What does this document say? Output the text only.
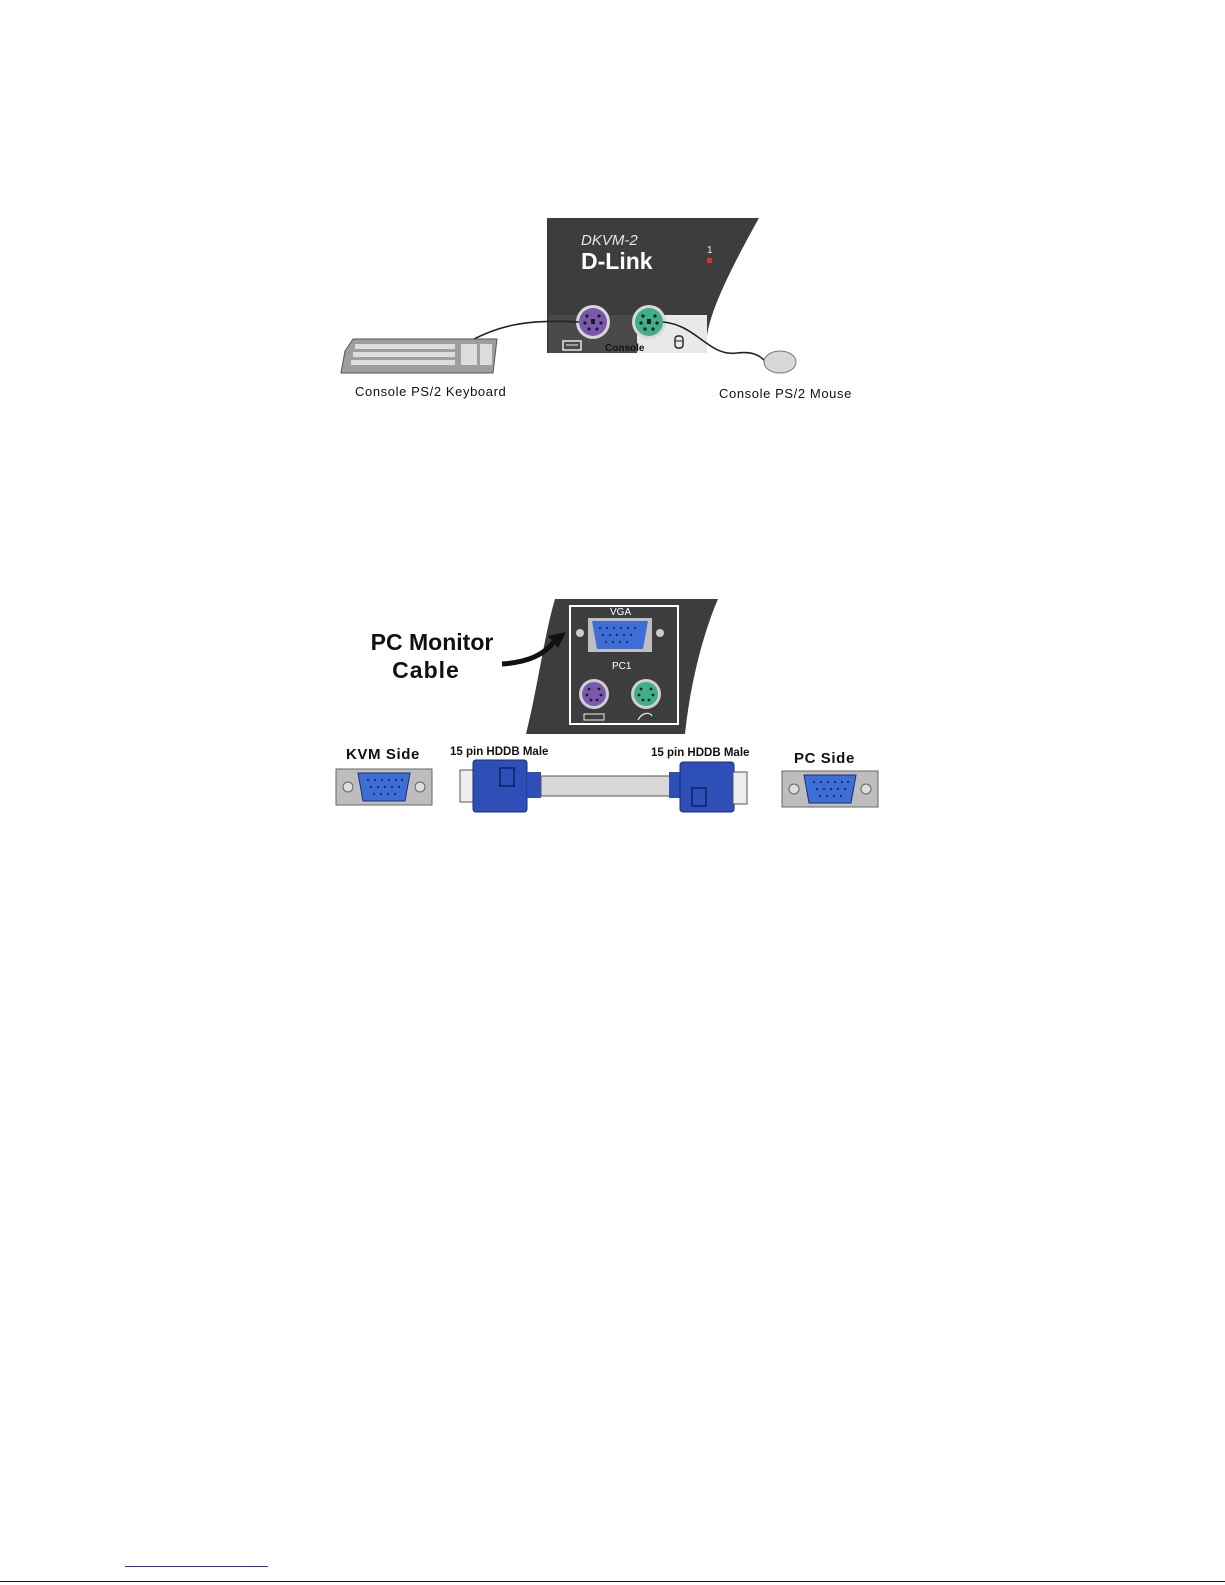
DKVM-2
D-Link	1
Console
Console PS/2 Keyboard	Console PS/2 Mouse
VGA
PC1
PC Monitor
Cable
KVM Side	15 pin HDDB Male	15 pin HDDB Male	PC Side
